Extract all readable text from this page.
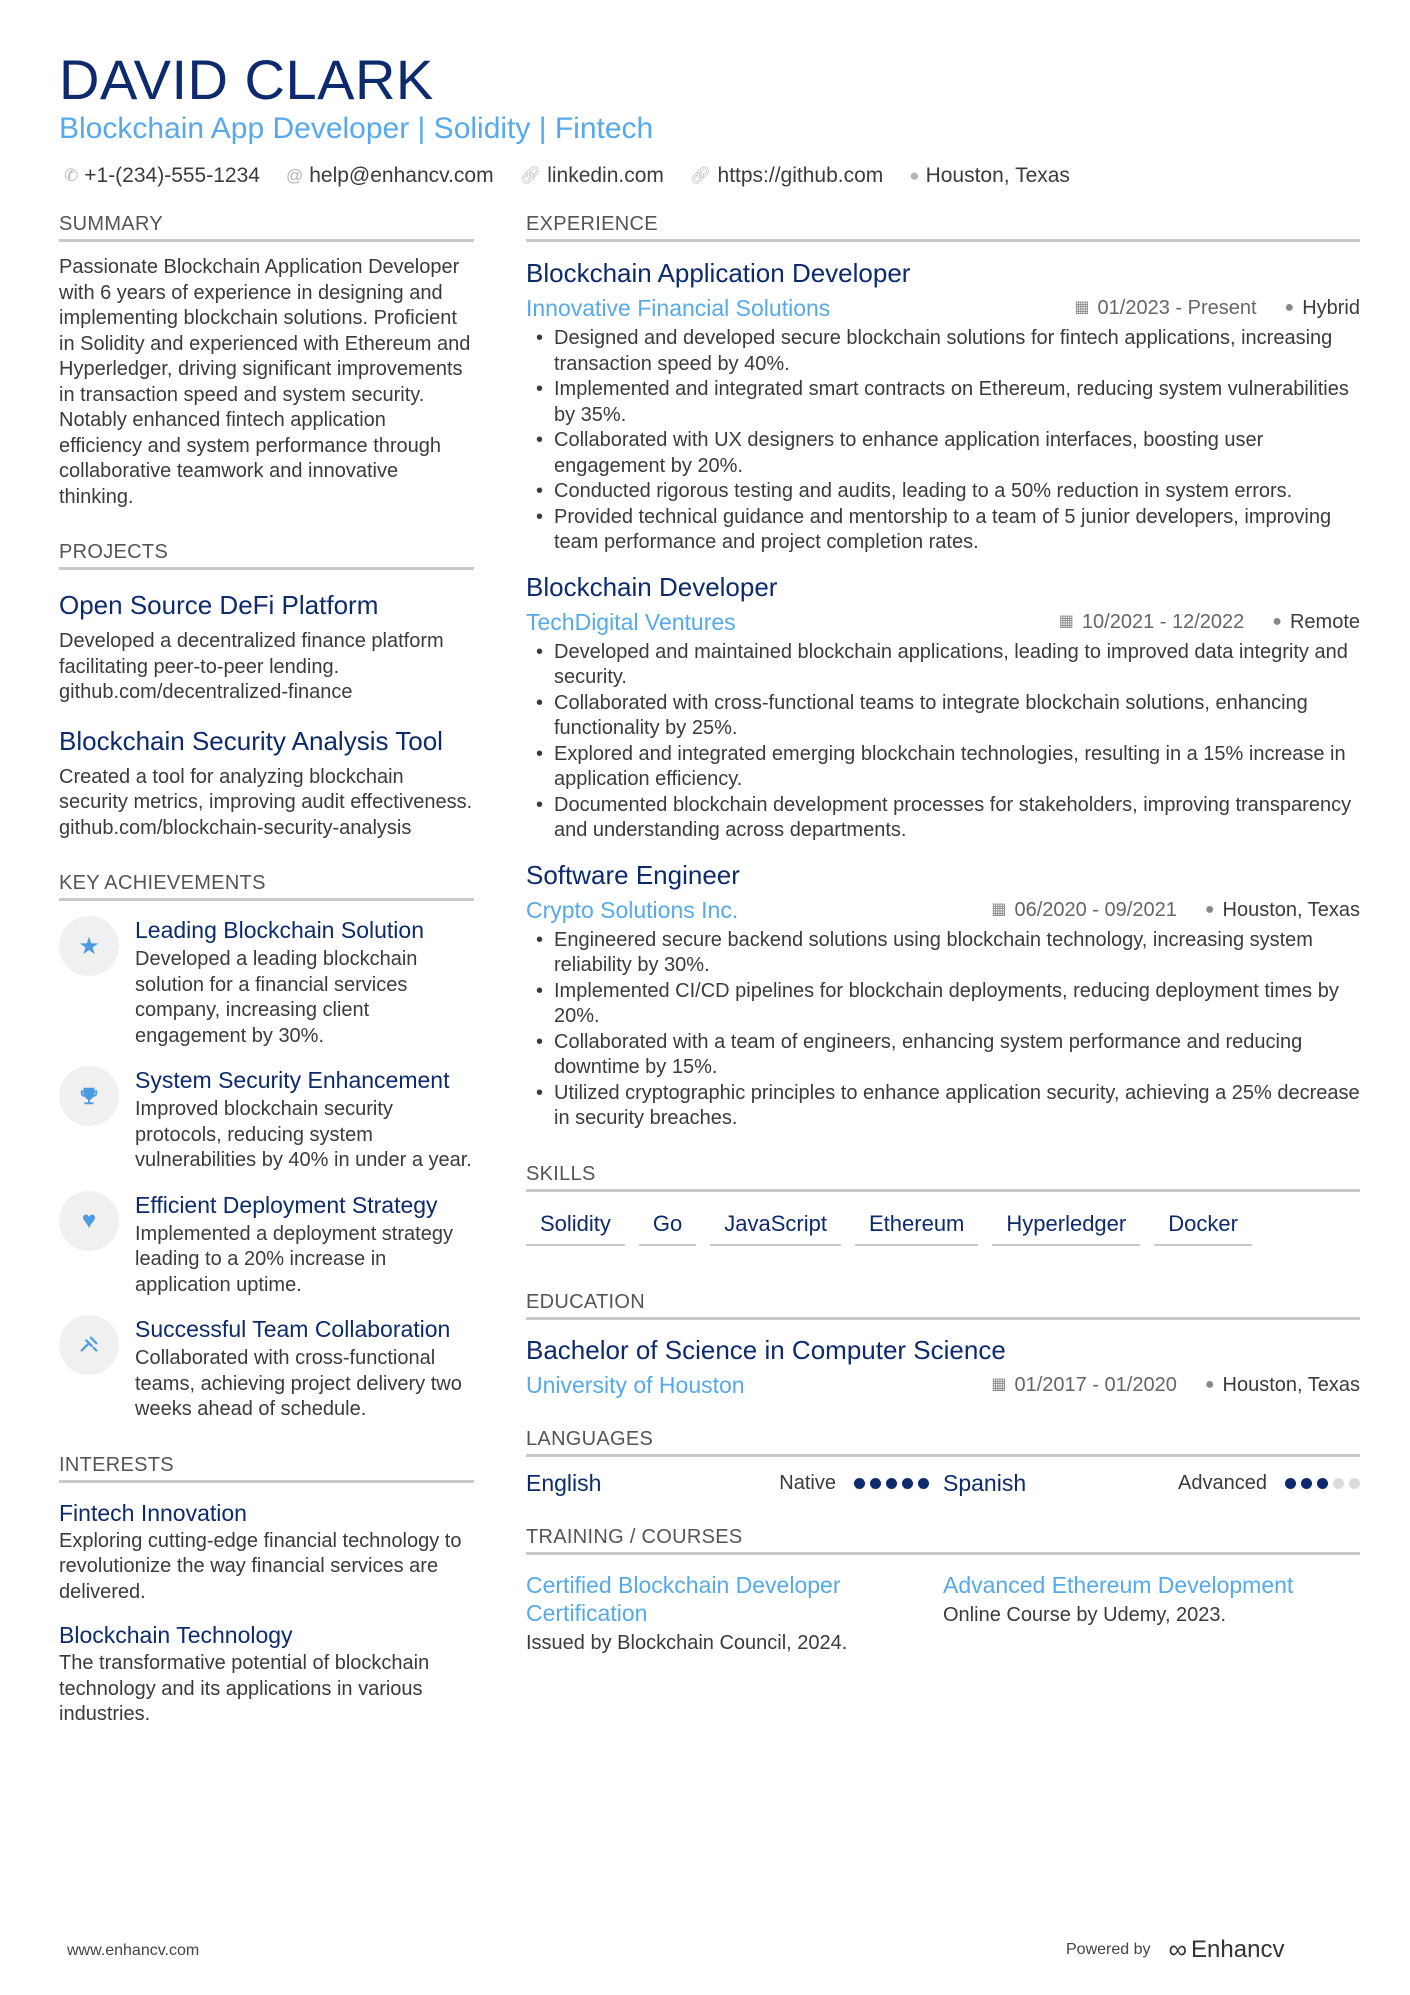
DAVID CLARK
Blockchain App Developer | Solidity | Fintech
✆ +1-(234)-555-1234 @ help@enhancv.com 🔗︎ linkedin.com 🔗︎ https://github.com ● Houston, Texas
SUMMARY
Passionate Blockchain Application Developer with 6 years of experience in designing and implementing blockchain solutions. Proficient in Solidity and experienced with Ethereum and Hyperledger, driving significant improvements in transaction speed and system security. Notably enhanced fintech application efficiency and system performance through collaborative teamwork and innovative thinking.
PROJECTS
Open Source DeFi Platform
Developed a decentralized finance platform facilitating peer-to-peer lending. github.com/decentralized-finance
Blockchain Security Analysis Tool
Created a tool for analyzing blockchain security metrics, improving audit effectiveness. github.com/blockchain-security-analysis
KEY ACHIEVEMENTS
★
Leading Blockchain Solution
Developed a leading blockchain solution for a financial services company, increasing client engagement by 30%.
System Security Enhancement
Improved blockchain security protocols, reducing system vulnerabilities by 40% in under a year.
♥
Efficient Deployment Strategy
Implemented a deployment strategy leading to a 20% increase in application uptime.
Successful Team Collaboration
Collaborated with cross-functional teams, achieving project delivery two weeks ahead of schedule.
INTERESTS
Fintech Innovation
Exploring cutting-edge financial technology to revolutionize the way financial services are delivered.
Blockchain Technology
The transformative potential of blockchain technology and its applications in various industries.
EXPERIENCE
Blockchain Application Developer
Innovative Financial Solutions	▦ 01/2023 - Present ● Hybrid
• Designed and developed secure blockchain solutions for fintech applications, increasing transaction speed by 40%.
• Implemented and integrated smart contracts on Ethereum, reducing system vulnerabilities by 35%.
• Collaborated with UX designers to enhance application interfaces, boosting user engagement by 20%.
• Conducted rigorous testing and audits, leading to a 50% reduction in system errors.
• Provided technical guidance and mentorship to a team of 5 junior developers, improving team performance and project completion rates.
Blockchain Developer
TechDigital Ventures	▦ 10/2021 - 12/2022 ● Remote
• Developed and maintained blockchain applications, leading to improved data integrity and security.
• Collaborated with cross-functional teams to integrate blockchain solutions, enhancing functionality by 25%.
• Explored and integrated emerging blockchain technologies, resulting in a 15% increase in application efficiency.
• Documented blockchain development processes for stakeholders, improving transparency and understanding across departments.
Software Engineer
Crypto Solutions Inc.	▦ 06/2020 - 09/2021 ● Houston, Texas
• Engineered secure backend solutions using blockchain technology, increasing system reliability by 30%.
• Implemented CI/CD pipelines for blockchain deployments, reducing deployment times by 20%.
• Collaborated with a team of engineers, enhancing system performance and reducing downtime by 15%.
• Utilized cryptographic principles to enhance application security, achieving a 25% decrease in security breaches.
SKILLS
Solidity	Go	JavaScript	Ethereum	Hyperledger	Docker
EDUCATION
Bachelor of Science in Computer Science
University of Houston	▦ 01/2017 - 01/2020 ● Houston, Texas
LANGUAGES
English	Native	Spanish	Advanced
TRAINING / COURSES
Certified Blockchain Developer Certification
Issued by Blockchain Council, 2024.
Advanced Ethereum Development
Online Course by Udemy, 2023.
www.enhancv.com	Powered by ∞ Enhancv
